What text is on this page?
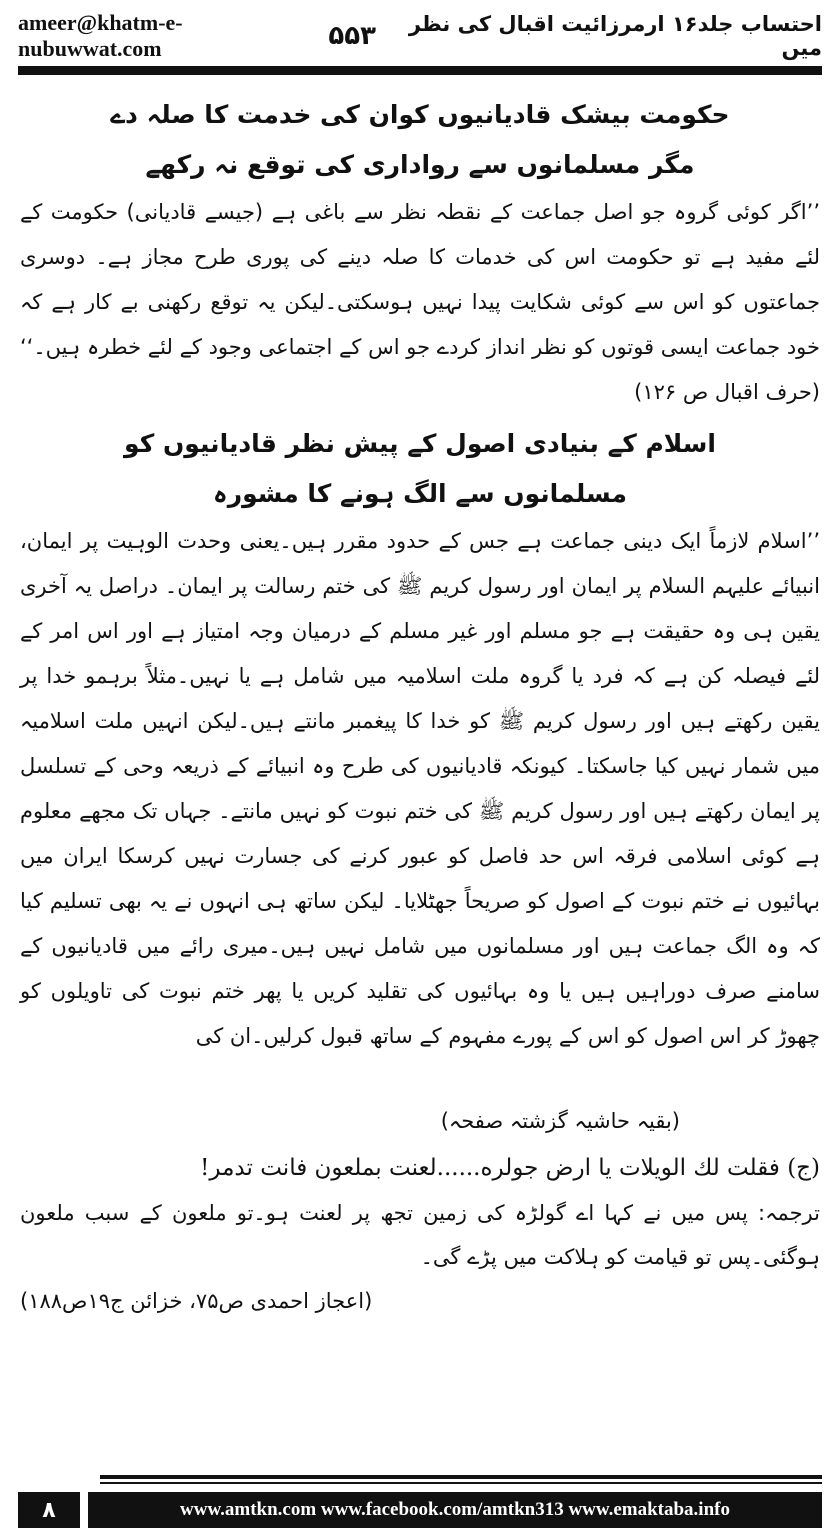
ameer@khatm-e-nubuwwat.com	۵۵۳	احتساب جلد۱۶ ارمرزائیت اقبال کی نظر میں
حکومت بیشک قادیانیوں کوان کی خدمت کا صلہ دے
مگر مسلمانوں سے رواداری کی توقع نہ رکھے

’’اگر کوئی گروہ جو اصل جماعت کے نقطہ نظر سے باغی ہے (جیسے قادیانی) حکومت کے لئے مفید ہے تو حکومت اس کی خدمات کا صلہ دینے کی پوری طرح مجاز ہے۔ دوسری جماعتوں کو اس سے کوئی شکایت پیدا نہیں ہوسکتی۔لیکن یہ توقع رکھنی بے کار ہے کہ خود جماعت ایسی قوتوں کو نظر انداز کردے جو اس کے اجتماعی وجود کے لئے خطرہ ہیں۔‘‘ (حرف اقبال ص ۱۲۶)

اسلام کے بنیادی اصول کے پیش نظر قادیانیوں کو
مسلمانوں سے الگ ہونے کا مشورہ

’’اسلام لازماً ایک دینی جماعت ہے جس کے حدود مقرر ہیں۔یعنی وحدت الوہیت پر ایمان، انبیائے علیہم السلام پر ایمان اور رسول کریم ﷺ کی ختم رسالت پر ایمان۔ دراصل یہ آخری یقین ہی وہ حقیقت ہے جو مسلم اور غیر مسلم کے درمیان وجہ امتیاز ہے اور اس امر کے لئے فیصلہ کن ہے کہ فرد یا گروہ ملت اسلامیہ میں شامل ہے یا نہیں۔مثلاً برہمو خدا پر یقین رکھتے ہیں اور رسول کریم ﷺ کو خدا کا پیغمبر مانتے ہیں۔لیکن انہیں ملت اسلامیہ میں شمار نہیں کیا جاسکتا۔ کیونکہ قادیانیوں کی طرح وہ انبیائے کے ذریعہ وحی کے تسلسل پر ایمان رکھتے ہیں اور رسول کریم ﷺ کی ختم نبوت کو نہیں مانتے۔ جہاں تک مجھے معلوم ہے کوئی اسلامی فرقہ اس حد فاصل کو عبور کرنے کی جسارت نہیں کرسکا ایران میں بہائیوں نے ختم نبوت کے اصول کو صریحاً جھٹلایا۔ لیکن ساتھ ہی انہوں نے یہ بھی تسلیم کیا کہ وہ الگ جماعت ہیں اور مسلمانوں میں شامل نہیں ہیں۔میری رائے میں قادیانیوں کے سامنے صرف دوراہیں ہیں یا وہ بہائیوں کی تقلید کریں یا پھر ختم نبوت کی تاویلوں کو چھوڑ کر اس اصول کو اس کے پورے مفہوم کے ساتھ قبول کرلیں۔ان کی

(بقیہ حاشیہ گزشتہ صفحہ)

(ج) فقلت لك الويلات يا ارض جولره......لعنت بملعون فانت تدمر!

ترجمہ: پس میں نے کہا اے گولڑہ کی زمین تجھ پر لعنت ہو۔تو ملعون کے سبب ملعون ہوگئی۔پس تو قیامت کو ہلاکت میں پڑے گی۔
(اعجاز احمدی ص۷۵، خزائن ج۱۹ص۱۸۸)
۸	www.amtkn.com www.facebook.com/amtkn313 www.emaktaba.info
